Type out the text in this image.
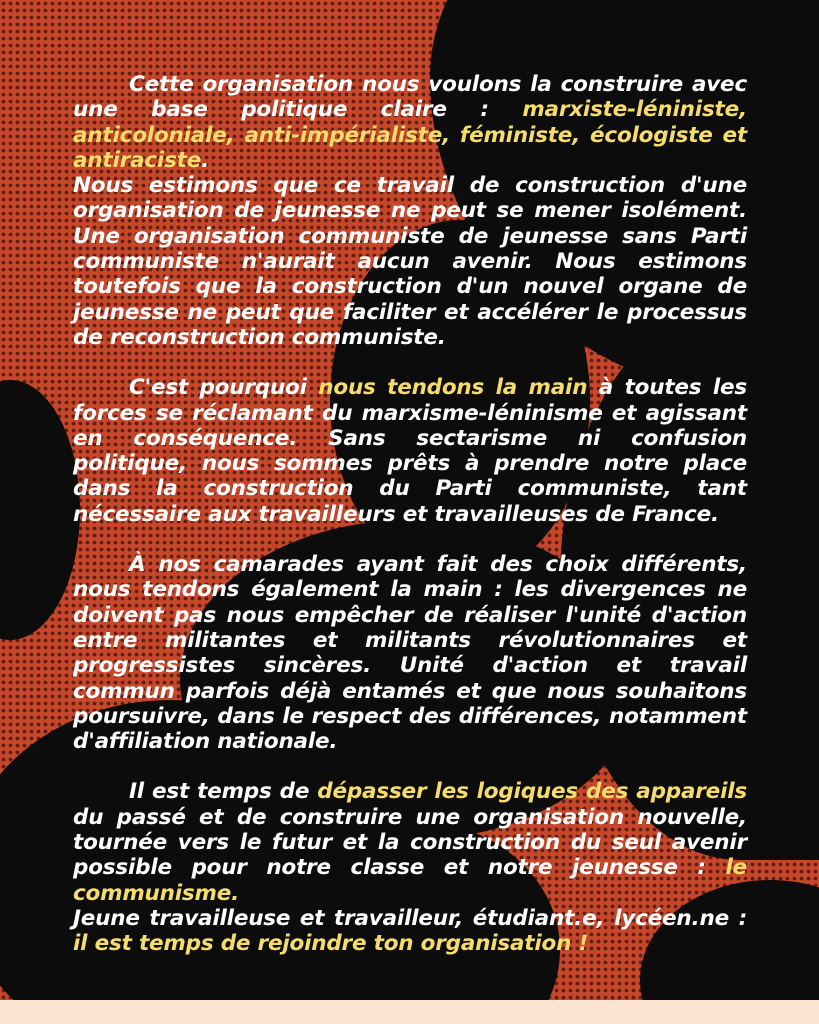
Cette organisation nous voulons la construire avec une base politique claire : marxiste-léniniste, anticoloniale, anti-impérialiste, féministe, écologiste et antiraciste.

Nous estimons que ce travail de construction d'une organisation de jeunesse ne peut se mener isolément. Une organisation communiste de jeunesse sans Parti communiste n'aurait aucun avenir. Nous estimons toutefois que la construction d'un nouvel organe de jeunesse ne peut que faciliter et accélérer le processus de reconstruction communiste.

C'est pourquoi nous tendons la main à toutes les forces se réclamant du marxisme-léninisme et agissant en conséquence. Sans sectarisme ni confusion politique, nous sommes prêts à prendre notre place dans la construction du Parti communiste, tant nécessaire aux travailleurs et travailleuses de France.

À nos camarades ayant fait des choix différents, nous tendons également la main : les divergences ne doivent pas nous empêcher de réaliser l'unité d'action entre militantes et militants révolutionnaires et progressistes sincères. Unité d'action et travail commun parfois déjà entamés et que nous souhaitons poursuivre, dans le respect des différences, notamment d'affiliation nationale.

Il est temps de dépasser les logiques des appareils du passé et de construire une organisation nouvelle, tournée vers le futur et la construction du seul avenir possible pour notre classe et notre jeunesse : le communisme.

Jeune travailleuse et travailleur, étudiant.e, lycéen.ne : il est temps de rejoindre ton organisation !
